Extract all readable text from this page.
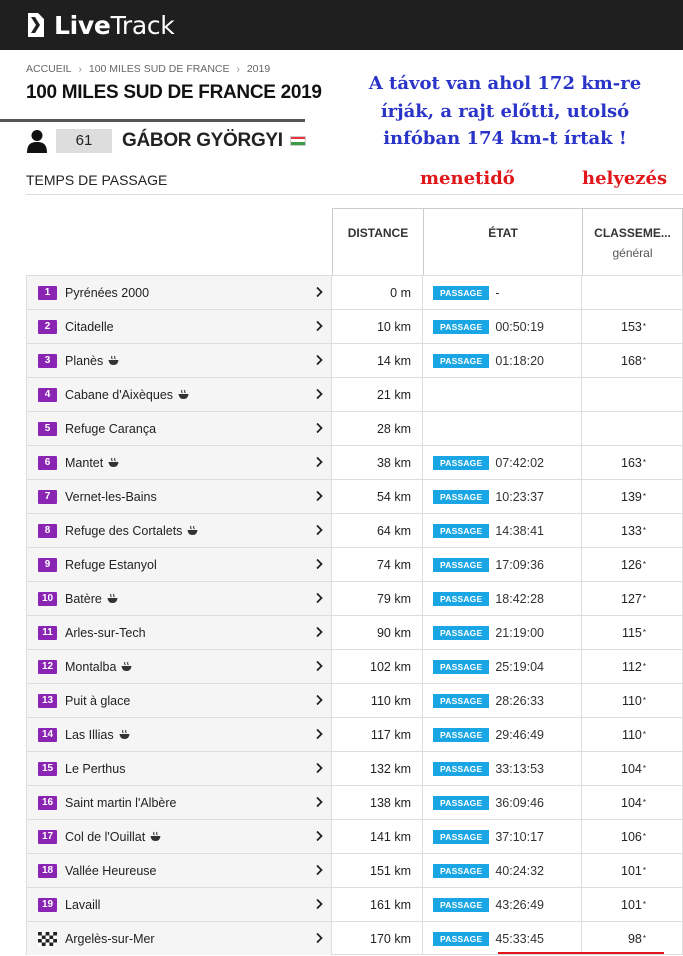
LiveTrack
ACCUEIL › 100 MILES SUD DE FRANCE › 2019
100 MILES SUD DE FRANCE 2019	A távot van ahol 172 km-re
írják, a rajt előtti, utolsó
infóban 174 km-t írtak !
menetidő	helyezés
61	GÁBOR GYÖRGYI
TEMPS DE PASSAGE
DISTANCE	ÉTAT	CLASSEME...
général
1	Pyrénées 2000	0 m	PASSAGE	-
2	Citadelle	10 km	PASSAGE	00:50:19	153 *
3	Planès	14 km	PASSAGE	01:18:20	168 *
4	Cabane d'Aixèques	21 km
5	Refuge Carança	28 km
6	Mantet	38 km	PASSAGE	07:42:02	163 *
7	Vernet-les-Bains	54 km	PASSAGE	10:23:37	139 *
8	Refuge des Cortalets	64 km	PASSAGE	14:38:41	133 *
9	Refuge Estanyol	74 km	PASSAGE	17:09:36	126 *
10 Batère	79 km	PASSAGE	18:42:28	127 *
11 Arles-sur-Tech	90 km	PASSAGE	21:19:00	115 *
12 Montalba	102 km	PASSAGE	25:19:04	112 *
13 Puit à glace	110 km	PASSAGE	28:26:33	110 *
14 Las Illias	117 km	PASSAGE	29:46:49	110 *
15 Le Perthus	132 km	PASSAGE	33:13:53	104 *
16 Saint martin l'Albère	138 km	PASSAGE	36:09:46	104 *
17 Col de l'Ouillat	141 km	PASSAGE	37:10:17	106 *
18 Vallée Heureuse	151 km	PASSAGE	40:24:32	101 *
19 Lavaill	161 km	PASSAGE	43:26:49	101 *
Argelès-sur-Mer	170 km	PASSAGE	45:33:45	98 *
